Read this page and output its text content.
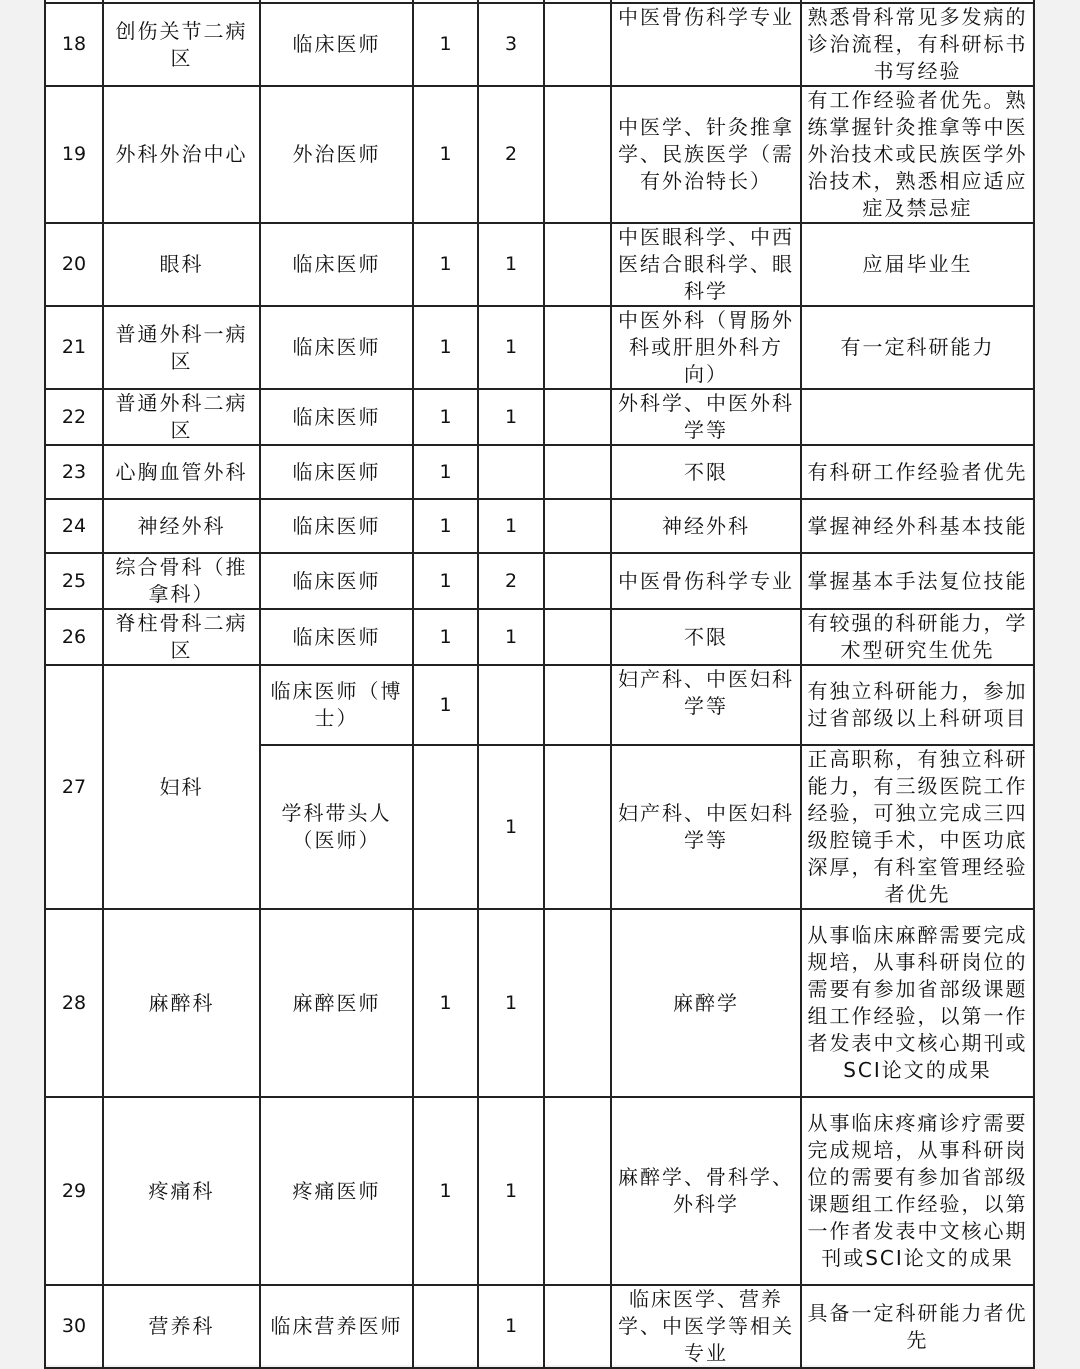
18	创伤关节二病区	临床医师	1	3		中医骨伤科学专业	熟悉骨科常见多发病的诊治流程，有科研标书书写经验
19	外科外治中心	外治医师	1	2		中医学、针灸推拿学、民族医学（需有外治特长）	有工作经验者优先。熟练掌握针灸推拿等中医外治技术或民族医学外治技术，熟悉相应适应症及禁忌症
20	眼科	临床医师	1	1		中医眼科学、中西医结合眼科学、眼科学	应届毕业生
21	普通外科一病区	临床医师	1	1		中医外科（胃肠外科或肝胆外科方向）	有一定科研能力
22	普通外科二病区	临床医师	1	1		外科学、中医外科学等	
23	心胸血管外科	临床医师	1			不限	有科研工作经验者优先
24	神经外科	临床医师	1	1		神经外科	掌握神经外科基本技能
25	综合骨科（推拿科）	临床医师	1	2		中医骨伤科学专业	掌握基本手法复位技能
26	脊柱骨科二病区	临床医师	1	1		不限	有较强的科研能力，学术型研究生优先
27	妇科	临床医师（博士）	1			妇产科、中医妇科学等	有独立科研能力，参加过省部级以上科研项目
		学科带头人（医师）		1		妇产科、中医妇科学等	正高职称，有独立科研能力，有三级医院工作经验，可独立完成三四级腔镜手术，中医功底深厚，有科室管理经验者优先
28	麻醉科	麻醉医师	1	1		麻醉学	从事临床麻醉需要完成规培，从事科研岗位的需要有参加省部级课题组工作经验，以第一作者发表中文核心期刊或SCI论文的成果
29	疼痛科	疼痛医师	1	1		麻醉学、骨科学、外科学	从事临床疼痛诊疗需要完成规培，从事科研岗位的需要有参加省部级课题组工作经验，以第一作者发表中文核心期刊或SCI论文的成果
30	营养科	临床营养医师		1		临床医学、营养学、中医学等相关专业	具备一定科研能力者优先
